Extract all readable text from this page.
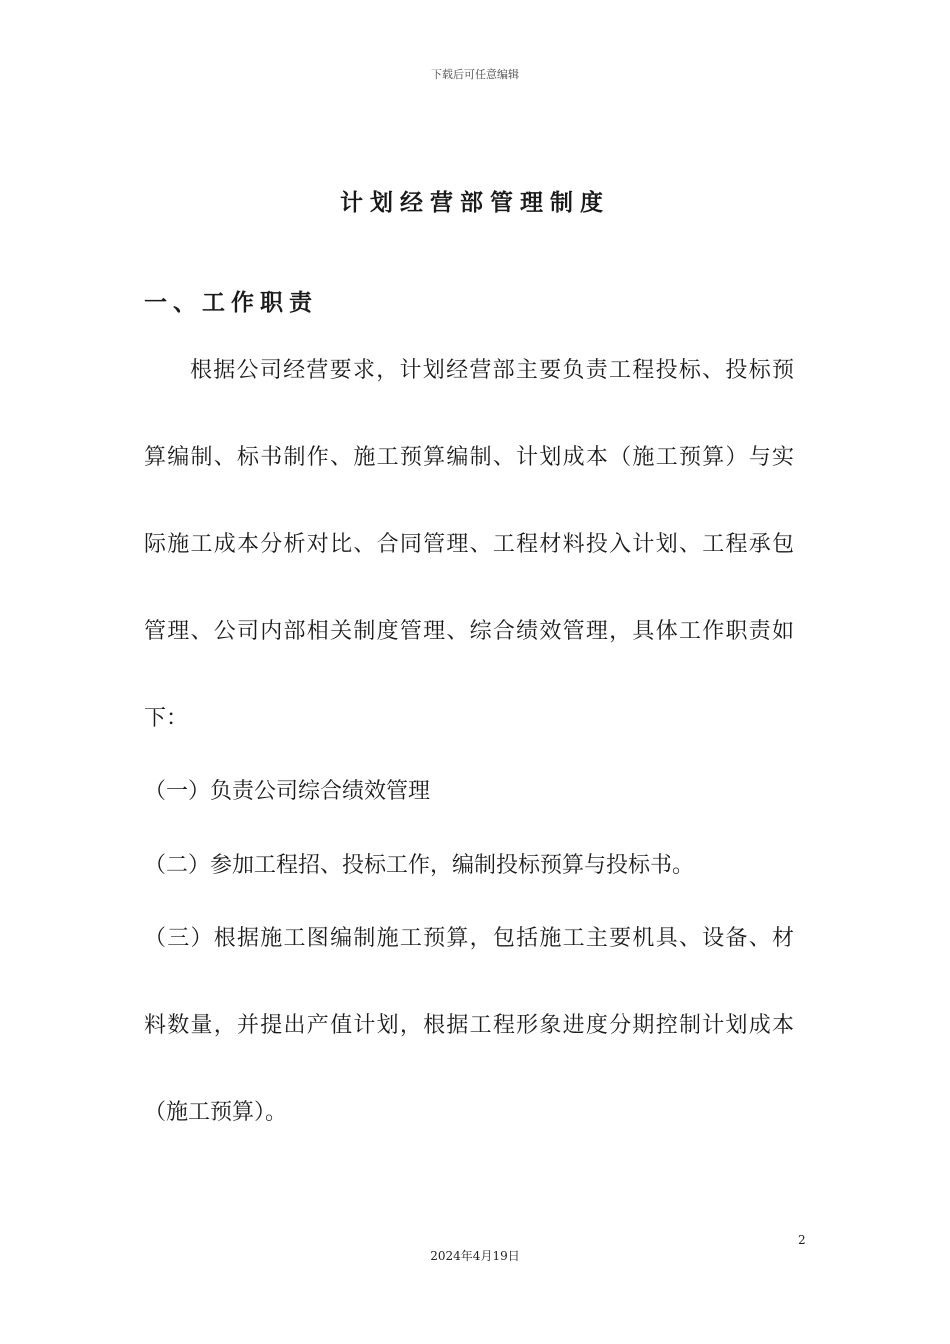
下载后可任意编辑
计划经营部管理制度
一、工作职责
根据公司经营要求，计划经营部主要负责工程投标、投标预
算编制、标书制作、施工预算编制、计划成本（施工预算）与实
际施工成本分析对比、合同管理、工程材料投入计划、工程承包
管理、公司内部相关制度管理、综合绩效管理，具体工作职责如
下：
（一）负责公司综合绩效管理
（二）参加工程招、投标工作，编制投标预算与投标书。
（三）根据施工图编制施工预算，包括施工主要机具、设备、材
料数量，并提出产值计划，根据工程形象进度分期控制计划成本
（施工预算）。
2
2024年4月19日
